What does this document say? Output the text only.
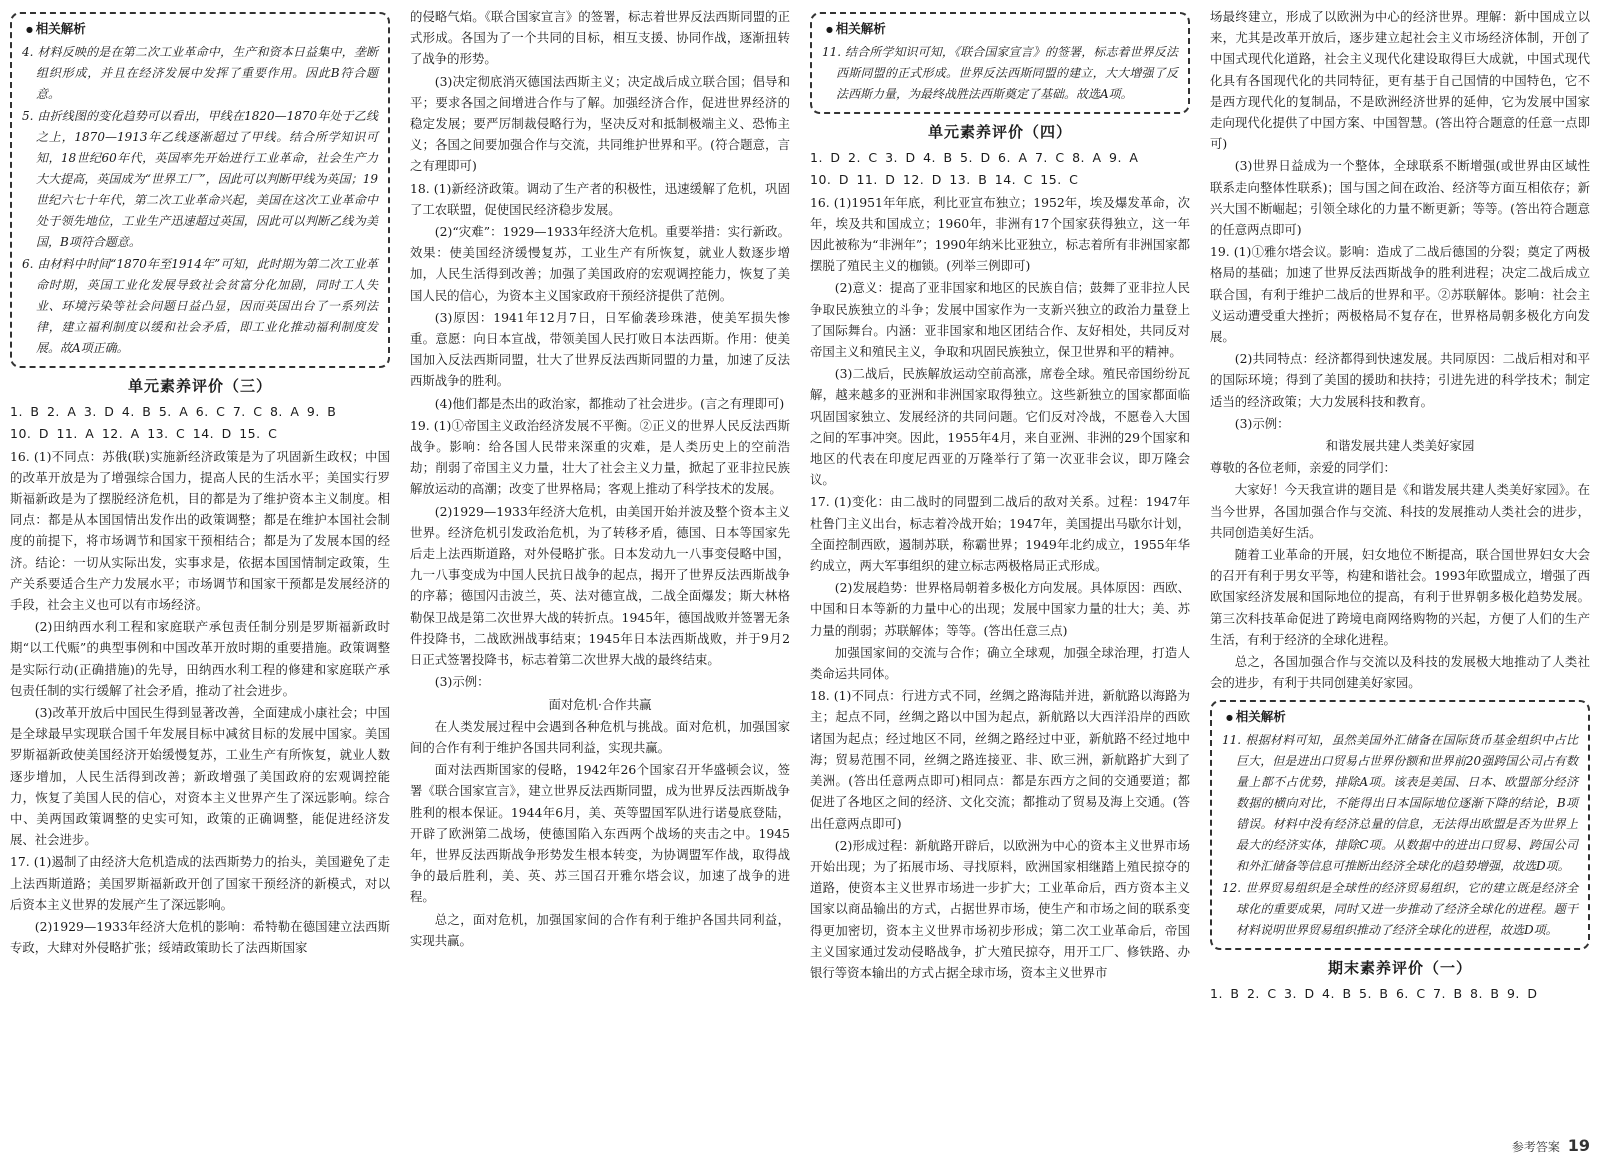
● 相关解析
4. 材料反映的是在第二次工业革命中，生产和资本日益集中，垄断组织形成，并且在经济发展中发挥了重要作用。因此B符合题意。
5. 由折线图的变化趋势可以看出，甲线在1820—1870年处于乙线之上，1870—1913年乙线逐渐超过了甲线。结合所学知识可知，18世纪60年代，英国率先开始进行工业革命，社会生产力大大提高，英国成为“世界工厂”，因此可以判断甲线为英国；19世纪六七十年代，第二次工业革命兴起，美国在这次工业革命中处于领先地位，工业生产迅速超过英国，因此可以判断乙线为美国，B项符合题意。
6. 由材料中时间“1870年至1914年”可知，此时期为第二次工业革命时期，英国工业化发展导致社会贫富分化加剧，同时工人失业、环境污染等社会问题日益凸显，因而英国出台了一系列法律，建立福利制度以缓和社会矛盾，即工业化推动福利制度发展。故A项正确。
单元素养评价（三）
1. B 2. A 3. D 4. B 5. A 6. C 7. C 8. A 9. B
10. D 11. A 12. A 13. C 14. D 15. C
16. (1)不同点：苏俄(联)实施新经济政策是为了巩固新生政权；中国的改革开放是为了增强综合国力，提高人民的生活水平；美国实行罗斯福新政是为了摆脱经济危机，目的都是为了维护资本主义制度。相同点：都是从本国国情出发作出的政策调整；都是在维护本国社会制度的前提下，将市场调节和国家干预相结合；都是为了发展本国的经济。结论：一切从实际出发，实事求是，依据本国国情制定政策，生产关系要适合生产力发展水平；市场调节和国家干预都是发展经济的手段，社会主义也可以有市场经济。
(2)田纳西水利工程和家庭联产承包责任制分别是罗斯福新政时期“以工代赈”的典型事例和中国改革开放时期的重要措施。政策调整是实际行动(正确措施)的先导，田纳西水利工程的修建和家庭联产承包责任制的实行缓解了社会矛盾，推动了社会进步。
(3)改革开放后中国民生得到显著改善，全面建成小康社会；中国是全球最早实现联合国千年发展目标中减贫目标的发展中国家。美国罗斯福新政使美国经济开始缓慢复苏，工业生产有所恢复，就业人数逐步增加，人民生活得到改善；新政增强了美国政府的宏观调控能力，恢复了美国人民的信心，对资本主义世界产生了深远影响。综合中、美两国政策调整的史实可知，政策的正确调整，能促进经济发展、社会进步。
17. (1)遏制了由经济大危机造成的法西斯势力的抬头，美国避免了走上法西斯道路；美国罗斯福新政开创了国家干预经济的新模式，对以后资本主义世界的发展产生了深远影响。
(2)1929—1933年经济大危机的影响：希特勒在德国建立法西斯专政，大肆对外侵略扩张；绥靖政策助长了法西斯国家
的侵略气焰。《联合国家宣言》的签署，标志着世界反法西斯同盟的正式形成。各国为了一个共同的目标，相互支援、协同作战，逐渐扭转了战争的形势。
(3)决定彻底消灭德国法西斯主义；决定战后成立联合国；倡导和平；要求各国之间增进合作与了解。加强经济合作，促进世界经济的稳定发展；要严厉制裁侵略行为，坚决反对和抵制极端主义、恐怖主义；各国之间要加强合作与交流，共同维护世界和平。(符合题意，言之有理即可)
18. (1)新经济政策。调动了生产者的积极性，迅速缓解了危机，巩固了工农联盟，促使国民经济稳步发展。
(2)“灾难”：1929—1933年经济大危机。重要举措：实行新政。效果：使美国经济缓慢复苏，工业生产有所恢复，就业人数逐步增加，人民生活得到改善；加强了美国政府的宏观调控能力，恢复了美国人民的信心，为资本主义国家政府干预经济提供了范例。
(3)原因：1941年12月7日，日军偷袭珍珠港，使美军损失惨重。意愿：向日本宣战，带领美国人民打败日本法西斯。作用：使美国加入反法西斯同盟，壮大了世界反法西斯同盟的力量，加速了反法西斯战争的胜利。
(4)他们都是杰出的政治家，都推动了社会进步。(言之有理即可)
19. (1)①帝国主义政治经济发展不平衡。②正义的世界人民反法西斯战争。影响：给各国人民带来深重的灾难，是人类历史上的空前浩劫；削弱了帝国主义力量，壮大了社会主义力量，掀起了亚非拉民族解放运动的高潮；改变了世界格局；客观上推动了科学技术的发展。
(2)1929—1933年经济大危机，由美国开始并波及整个资本主义世界。经济危机引发政治危机，为了转移矛盾，德国、日本等国家先后走上法西斯道路，对外侵略扩张。日本发动九一八事变侵略中国，九一八事变成为中国人民抗日战争的起点，揭开了世界反法西斯战争的序幕；德国闪击波兰，英、法对德宣战，二战全面爆发；斯大林格勒保卫战是第二次世界大战的转折点。1945年，德国战败并签署无条件投降书，二战欧洲战事结束；1945年日本法西斯战败，并于9月2日正式签署投降书，标志着第二次世界大战的最终结束。
(3)示例：
面对危机·合作共赢
在人类发展过程中会遇到各种危机与挑战。面对危机，加强国家间的合作有利于维护各国共同利益，实现共赢。
面对法西斯国家的侵略，1942年26个国家召开华盛顿会议，签署《联合国家宣言》，建立世界反法西斯同盟，成为世界反法西斯战争胜利的根本保证。1944年6月，美、英等盟国军队进行诺曼底登陆，开辟了欧洲第二战场，使德国陷入东西两个战场的夹击之中。1945年，世界反法西斯战争形势发生根本转变，为协调盟军作战，取得战争的最后胜利，美、英、苏三国召开雅尔塔会议，加速了战争的进程。
总之，面对危机，加强国家间的合作有利于维护各国共同利益，实现共赢。
● 相关解析
11. 结合所学知识可知，《联合国家宣言》的签署，标志着世界反法西斯同盟的正式形成。世界反法西斯同盟的建立，大大增强了反法西斯力量，为最终战胜法西斯奠定了基础。故选A项。
单元素养评价（四）
1. D 2. C 3. D 4. B 5. D 6. A 7. C 8. A 9. A
10. D 11. D 12. D 13. B 14. C 15. C
16. (1)1951年年底，利比亚宣布独立；1952年，埃及爆发革命，次年，埃及共和国成立；1960年，非洲有17个国家获得独立，这一年因此被称为“非洲年”；1990年纳米比亚独立，标志着所有非洲国家都摆脱了殖民主义的枷锁。(列举三例即可)
(2)意义：提高了亚非国家和地区的民族自信；鼓舞了亚非拉人民争取民族独立的斗争；发展中国家作为一支新兴独立的政治力量登上了国际舞台。内涵：亚非国家和地区团结合作、友好相处，共同反对帝国主义和殖民主义，争取和巩固民族独立，保卫世界和平的精神。
(3)二战后，民族解放运动空前高涨，席卷全球。殖民帝国纷纷瓦解，越来越多的亚洲和非洲国家取得独立。这些新独立的国家都面临巩固国家独立、发展经济的共同问题。它们反对冷战，不愿卷入大国之间的军事冲突。因此，1955年4月，来自亚洲、非洲的29个国家和地区的代表在印度尼西亚的万隆举行了第一次亚非会议，即万隆会议。
17. (1)变化：由二战时的同盟到二战后的敌对关系。过程：1947年杜鲁门主义出台，标志着冷战开始；1947年，美国提出马歇尔计划，全面控制西欧，遏制苏联，称霸世界；1949年北约成立，1955年华约成立，两大军事组织的建立标志两极格局正式形成。
(2)发展趋势：世界格局朝着多极化方向发展。具体原因：西欧、中国和日本等新的力量中心的出现；发展中国家力量的壮大；美、苏力量的削弱；苏联解体；等等。(答出任意三点)
加强国家间的交流与合作；确立全球观，加强全球治理，打造人类命运共同体。
18. (1)不同点：行进方式不同，丝绸之路海陆并进，新航路以海路为主；起点不同，丝绸之路以中国为起点，新航路以大西洋沿岸的西欧诸国为起点；经过地区不同，丝绸之路经过中亚，新航路不经过地中海；贸易范围不同，丝绸之路连接亚、非、欧三洲，新航路扩大到了美洲。(答出任意两点即可)相同点：都是东西方之间的交通要道；都促进了各地区之间的经济、文化交流；都推动了贸易及海上交通。(答出任意两点即可)
(2)形成过程：新航路开辟后，以欧洲为中心的资本主义世界市场开始出现；为了拓展市场、寻找原料，欧洲国家相继踏上殖民掠夺的道路，使资本主义世界市场进一步扩大；工业革命后，西方资本主义国家以商品输出的方式，占据世界市场，使生产和市场之间的联系变得更加密切，资本主义世界市场初步形成；第二次工业革命后，帝国主义国家通过发动侵略战争，扩大殖民掠夺，用开工厂、修铁路、办银行等资本输出的方式占据全球市场，资本主义世界市
场最终建立，形成了以欧洲为中心的经济世界。理解：新中国成立以来，尤其是改革开放后，逐步建立起社会主义市场经济体制，开创了中国式现代化道路，社会主义现代化建设取得巨大成就，中国式现代化具有各国现代化的共同特征，更有基于自己国情的中国特色，它不是西方现代化的复制品，不是欧洲经济世界的延伸，它为发展中国家走向现代化提供了中国方案、中国智慧。(答出符合题意的任意一点即可)
(3)世界日益成为一个整体，全球联系不断增强(或世界由区域性联系走向整体性联系)；国与国之间在政治、经济等方面互相依存；新兴大国不断崛起；引领全球化的力量不断更新；等等。(答出符合题意的任意两点即可)
19. (1)①雅尔塔会议。影响：造成了二战后德国的分裂；奠定了两极格局的基础；加速了世界反法西斯战争的胜利进程；决定二战后成立联合国，有利于维护二战后的世界和平。②苏联解体。影响：社会主义运动遭受重大挫折；两极格局不复存在，世界格局朝多极化方向发展。
(2)共同特点：经济都得到快速发展。共同原因：二战后相对和平的国际环境；得到了美国的援助和扶持；引进先进的科学技术；制定适当的经济政策；大力发展科技和教育。
(3)示例：
和谐发展共建人类美好家园
尊敬的各位老师，亲爱的同学们：
大家好！今天我宣讲的题目是《和谐发展共建人类美好家园》。在当今世界，各国加强合作与交流、科技的发展推动人类社会的进步，共同创造美好生活。
随着工业革命的开展，妇女地位不断提高，联合国世界妇女大会的召开有利于男女平等，构建和谐社会。1993年欧盟成立，增强了西欧国家经济发展和国际地位的提高，有利于世界朝多极化趋势发展。第三次科技革命促进了跨境电商网络购物的兴起，方便了人们的生产生活，有利于经济的全球化进程。
总之，各国加强合作与交流以及科技的发展极大地推动了人类社会的进步，有利于共同创建美好家园。
● 相关解析
11. 根据材料可知，虽然美国外汇储备在国际货币基金组织中占比巨大，但是进出口贸易占世界份额和世界前20强跨国公司占有数量上都不占优势，排除A项。该表是美国、日本、欧盟部分经济数据的横向对比，不能得出日本国际地位逐渐下降的结论，B项错误。材料中没有经济总量的信息，无法得出欧盟是否为世界上最大的经济实体，排除C项。从数据中的进出口贸易、跨国公司和外汇储备等信息可推断出经济全球化的趋势增强，故选D项。
12. 世界贸易组织是全球性的经济贸易组织，它的建立既是经济全球化的重要成果，同时又进一步推动了经济全球化的进程。题干材料说明世界贸易组织推动了经济全球化的进程，故选D项。
期末素养评价（一）
1. B 2. C 3. D 4. B 5. B 6. C 7. B 8. B 9. D
参考答案 19
